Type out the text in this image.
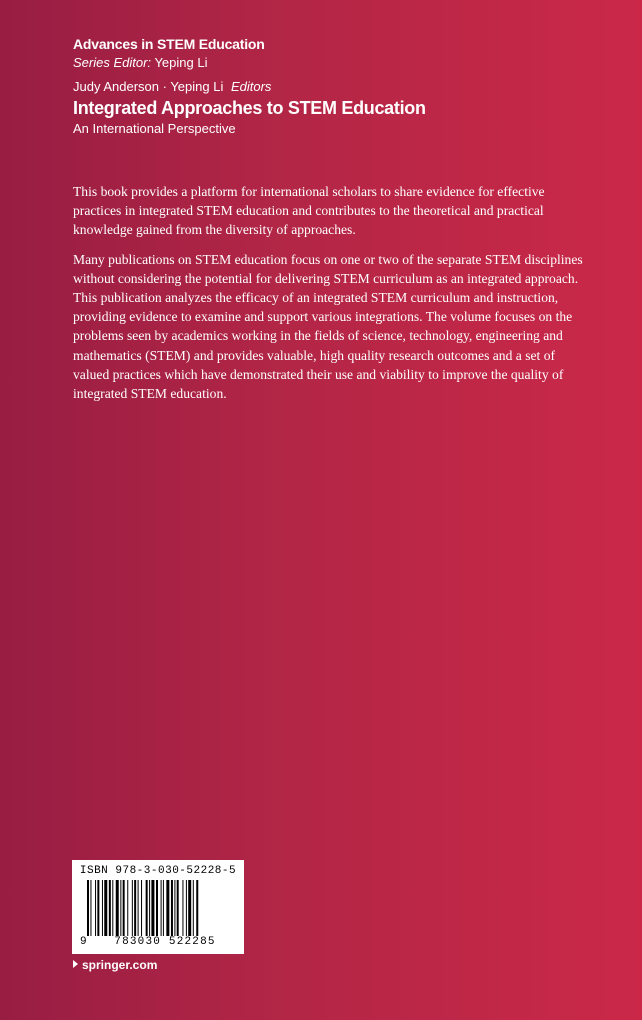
Advances in STEM Education
Series Editor: Yeping Li
Judy Anderson · Yeping Li Editors
Integrated Approaches to STEM Education
An International Perspective

This book provides a platform for international scholars to share evidence for effective practices in integrated STEM education and contributes to the theoretical and practical knowledge gained from the diversity of approaches.

Many publications on STEM education focus on one or two of the separate STEM disciplines without considering the potential for delivering STEM curriculum as an integrated approach. This publication analyzes the efficacy of an integrated STEM curriculum and instruction, providing evidence to examine and support various integrations. The volume focuses on the problems seen by academics working in the fields of science, technology, engineering and mathematics (STEM) and provides valuable, high quality research outcomes and a set of valued practices which have demonstrated their use and viability to improve the quality of integrated STEM education.

ISBN 978-3-030-52228-5
9	783030 522285
springer.com
